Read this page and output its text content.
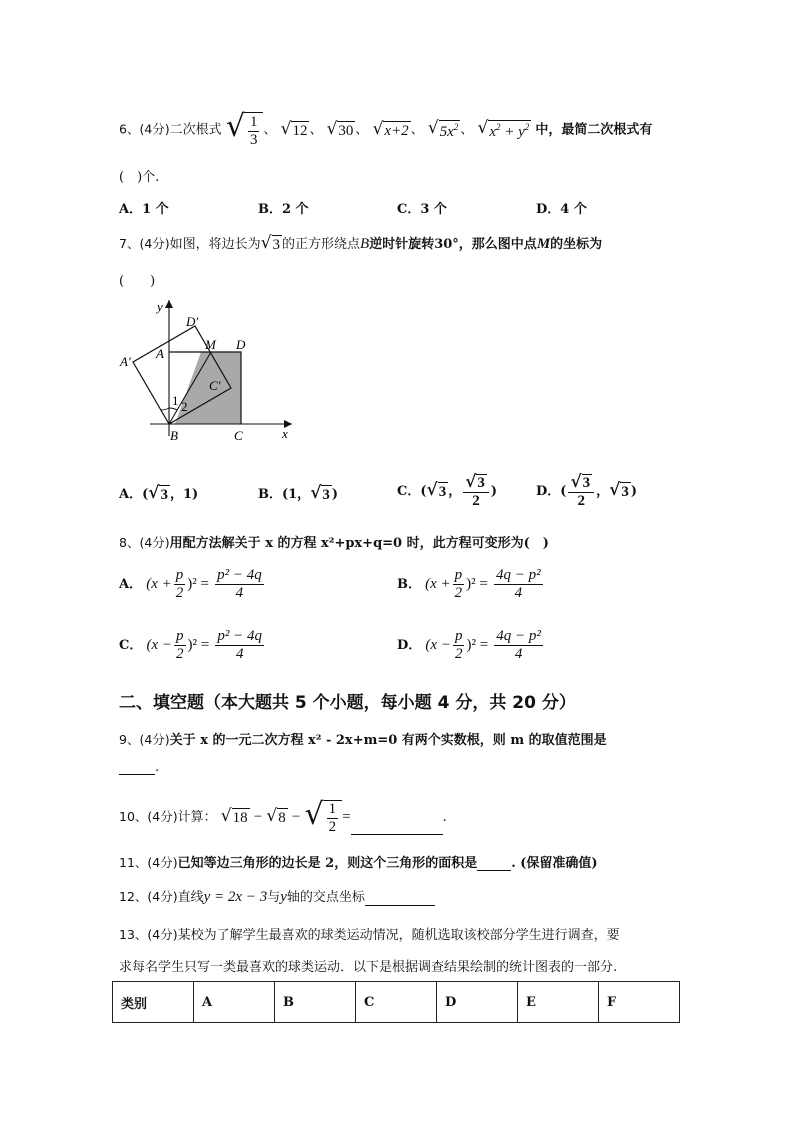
6、(4分)二次根式 √ $\frac{1}{3}$ 、 √ 12 、 √ 30 、 √ x+2 、 √ $5x^2$ 、 √ $x^2 + y^2$ 中，最简二次根式有
(　)个.
A．1 个	B．2 个	C．3 个	D．4 个
7、(4分)如图，将边长为 √ 3 的正方形绕点B逆时针旋转30°，那么图中点M的坐标为
(　　)
y
x
D′
A′
A
M D
C′
1 2
B	C
A．( √ 3 ，1)	B．(1， √ 3 )	C．( √ 3 ， $\frac{√ 3}{2}$ )	D．( $\frac{√ 3}{2}$ ， √ 3 )
8、(4分)用配方法解关于 x 的方程 x²+px+q=0 时，此方程可变形为(　)
A． $(x + \frac{p}{2} )^2 = \frac{\text{p² − 4q}}{4}$	B． $(x + \frac{p}{2} )^2 = \frac{\text{4q − p²}}{4}$
C． $(x - \frac{p}{2} )^2 = \frac{\text{p² − 4q}}{4}$	D． $(x - \frac{p}{2} )^2 = \frac{\text{4q − p²}}{4}$
二、填空题（本大题共 5 个小题，每小题 4 分，共 20 分）
9、(4分)关于 x 的一元二次方程 x² - 2x+m=0 有两个实数根，则 m 的取值范围是
.
10、(4分)计算： √ 18 − √ 8 − √ $\frac{1}{2}$ =	.
11、(4分)已知等边三角形的边长是 2，则这个三角形的面积是	. (保留准确值)
12、(4分)直线y = 2x − 3与y轴的交点坐标
13、(4分)某校为了解学生最喜欢的球类运动情况，随机选取该校部分学生进行调查，要
求每名学生只写一类最喜欢的球类运动．以下是根据调查结果绘制的统计图表的一部分.
类别	A	B	C	D	E	F
